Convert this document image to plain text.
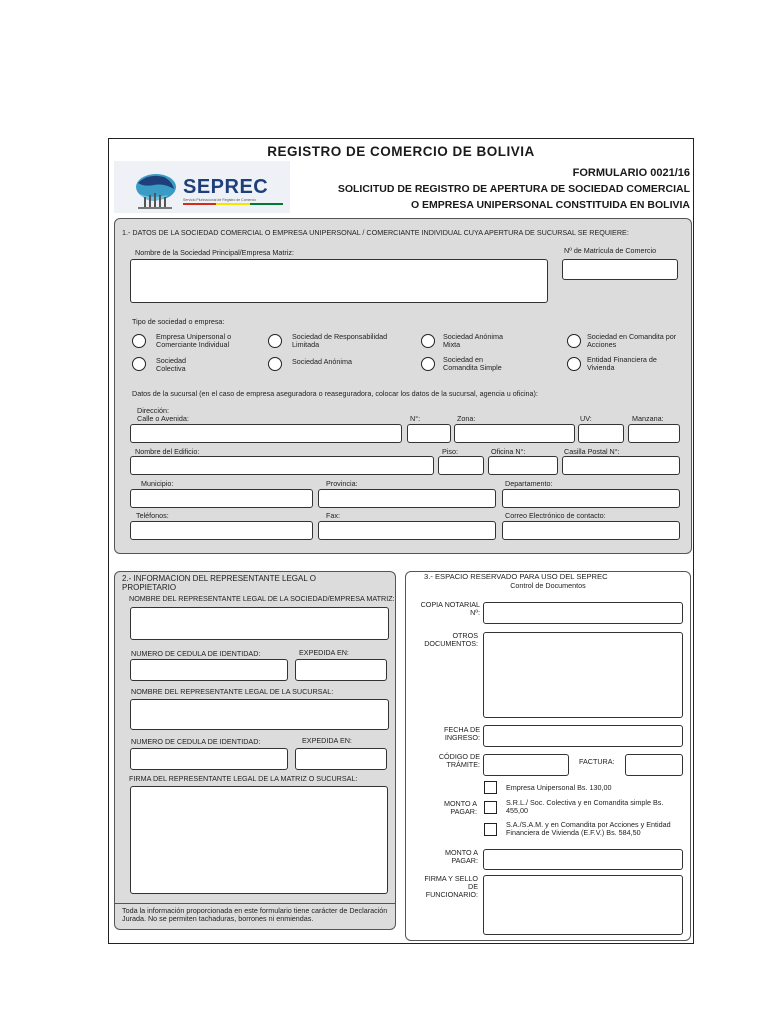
REGISTRO DE COMERCIO DE BOLIVIA
SEPREC
Servicio Plurinacional de Registro de Comercio
FORMULARIO 0021/16
SOLICITUD DE REGISTRO DE APERTURA DE SOCIEDAD COMERCIAL
O EMPRESA UNIPERSONAL CONSTITUIDA EN BOLIVIA
1.- DATOS DE LA SOCIEDAD COMERCIAL O EMPRESA UNIPERSONAL / COMERCIANTE INDIVIDUAL CUYA APERTURA DE SUCURSAL SE REQUIERE:
Nombre de la Sociedad Principal/Empresa Matriz:	Nº de Matrícula de Comercio
Tipo de sociedad o empresa:
Empresa Unipersonal o Comerciante Individual
Sociedad de Responsabilidad Limitada
Sociedad Anónima Mixta
Sociedad en Comandita por Acciones
Sociedad Colectiva
Sociedad Anónima	Sociedad en Comandita Simple
Entidad Financiera de Vivienda
Datos de la sucursal (en el caso de empresa aseguradora o reaseguradora, colocar los datos de la sucursal, agencia u oficina):
Dirección:
Calle o Avenida:	N°:	Zona:	UV:	Manzana:
Nombre del Edificio:	Piso:	Oficina N°:	Casilla Postal N°:
Municipio:	Provincia:	Departamento:
Teléfonos:	Fax:	Correo Electrónico de contacto:
2.- INFORMACION DEL REPRESENTANTE LEGAL O PROPIETARIO
NOMBRE DEL REPRESENTANTE LEGAL DE LA SOCIEDAD/EMPRESA MATRIZ:
NUMERO DE CEDULA DE IDENTIDAD:	EXPEDIDA EN:
NOMBRE DEL REPRESENTANTE LEGAL DE LA SUCURSAL:
NUMERO DE CEDULA DE IDENTIDAD:	EXPEDIDA EN:
FIRMA DEL REPRESENTANTE LEGAL DE LA MATRIZ O SUCURSAL:
Toda la información proporcionada en este formulario tiene carácter de Declaración Jurada. No se permiten tachaduras, borrones ni enmiendas.
3.- ESPACIO RESERVADO PARA USO DEL SEPREC
Control de Documentos
COPIA NOTARIAL Nº:
OTROS DOCUMENTOS:
FECHA DE INGRESO:
CÓDIGO DE TRÁMITE:	FACTURA:
MONTO A PAGAR:
Empresa Unipersonal Bs. 130,00
S.R.L./ Soc. Colectiva y en Comandita simple Bs. 455,00
S.A./S.A.M. y en Comandita por Acciones y Entidad Financiera de Vivienda (E.F.V.) Bs. 584,50
MONTO A PAGAR:
FIRMA Y SELLO DE FUNCIONARIO:
